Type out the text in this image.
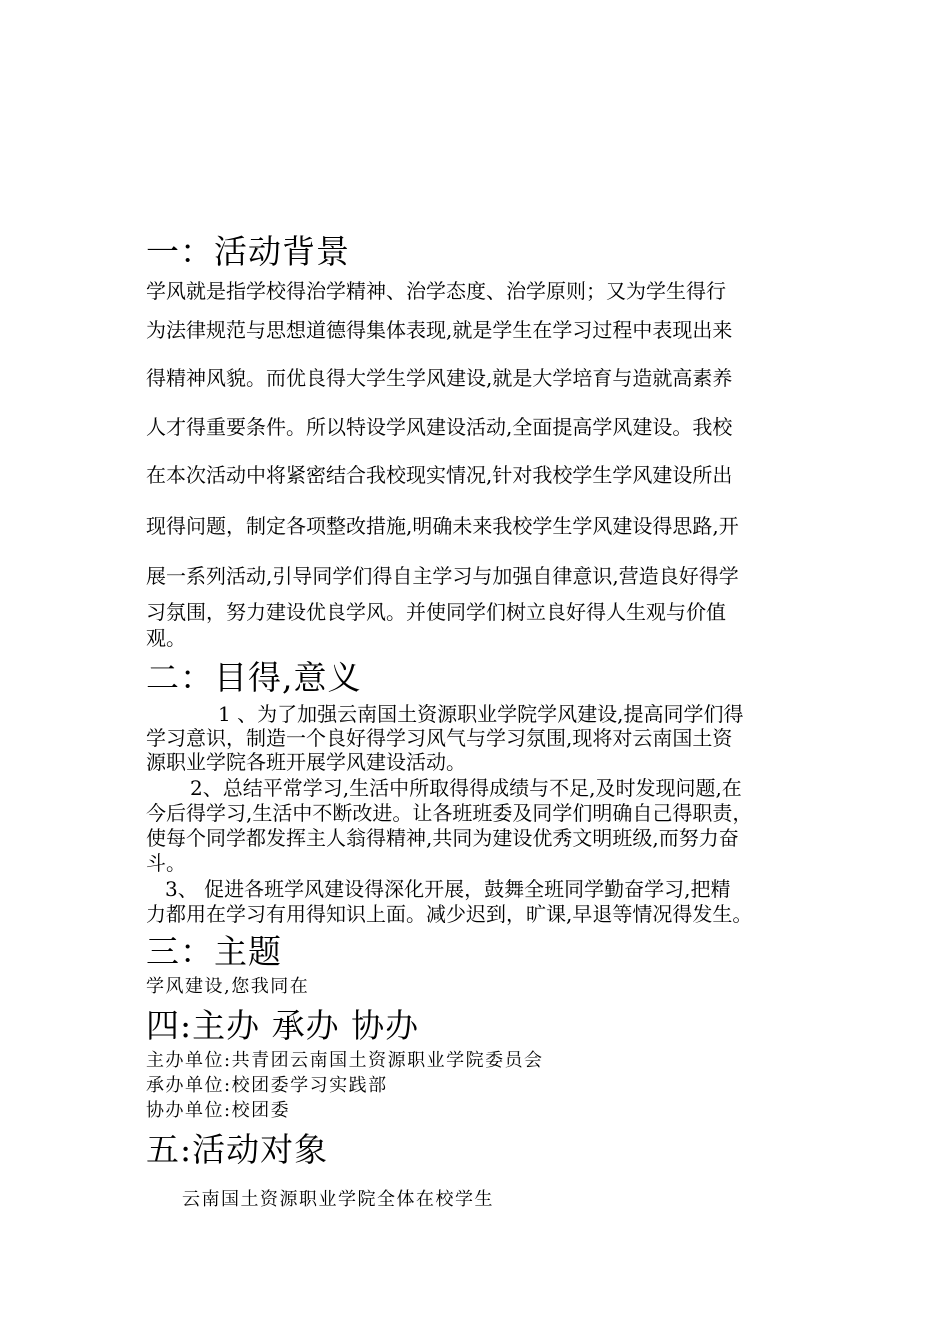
一：活动背景
学风就是指学校得治学精神、治学态度、治学原则；又为学生得行
为法律规范与思想道德得集体表现,就是学生在学习过程中表现出来
得精神风貌。而优良得大学生学风建设,就是大学培育与造就高素养
人才得重要条件。所以特设学风建设活动,全面提高学风建设。我校
在本次活动中将紧密结合我校现实情况,针对我校学生学风建设所出
现得问题，制定各项整改措施,明确未来我校学生学风建设得思路,开
展一系列活动,引导同学们得自主学习与加强自律意识,营造良好得学
习氛围，努力建设优良学风。并使同学们树立良好得人生观与价值
观。
二：目得,意义
1 、为了加强云南国土资源职业学院学风建设,提高同学们得
学习意识，制造一个良好得学习风气与学习氛围,现将对云南国土资
源职业学院各班开展学风建设活动。
2、总结平常学习,生活中所取得得成绩与不足,及时发现问题,在
今后得学习,生活中不断改进。让各班班委及同学们明确自己得职责，
使每个同学都发挥主人翁得精神,共同为建设优秀文明班级,而努力奋
斗。
3、 促进各班学风建设得深化开展，鼓舞全班同学勤奋学习,把精
力都用在学习有用得知识上面。减少迟到，旷课,早退等情况得发生。
三：主题
学风建设,您我同在
四:主办 承办 协办
主办单位:共青团云南国土资源职业学院委员会
承办单位:校团委学习实践部
协办单位:校团委
五:活动对象
云南国土资源职业学院全体在校学生
